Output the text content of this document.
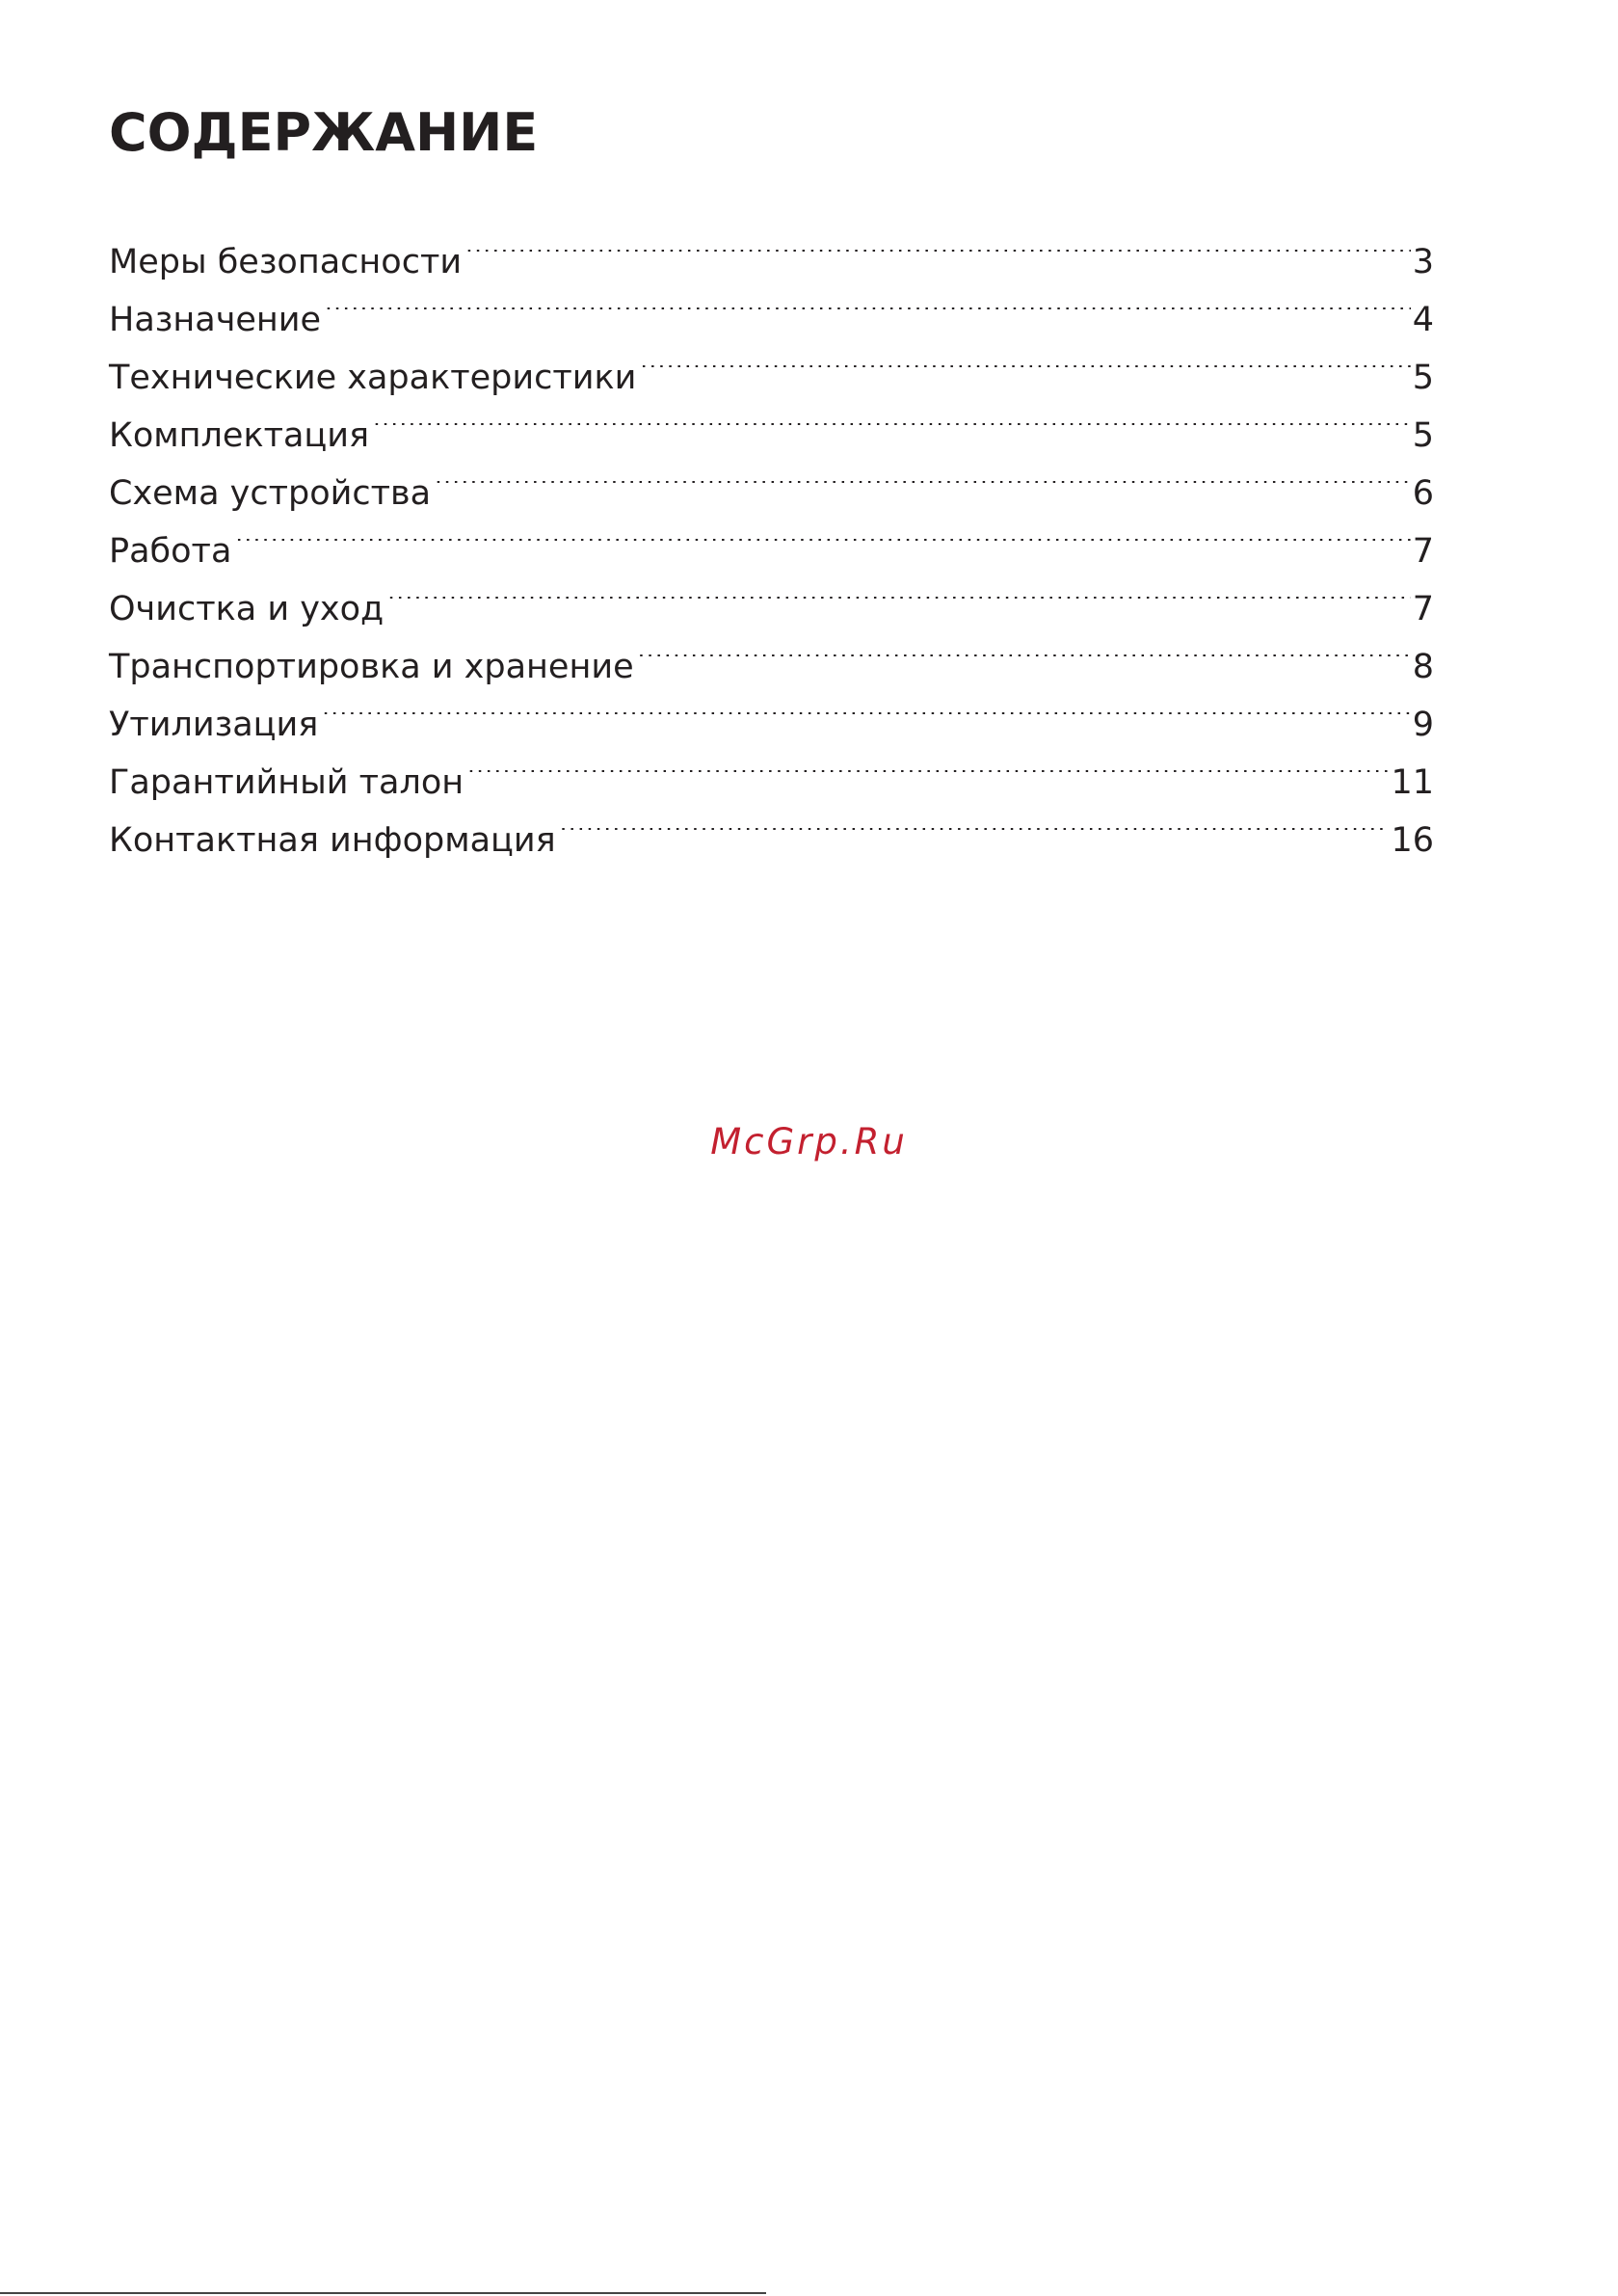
СОДЕРЖАНИЕ
Меры безопасности .....	3
Назначение .....	4
Технические характеристики .....	5
Комплектация .....	5
Схема устройства .....	6
Работа .....	7
Очистка и уход .....	7
Транспортировка и хранение .....	8
Утилизация .....	9
Гарантийный талон .....	11
Контактная информация .....	16
McGrp.Ru
